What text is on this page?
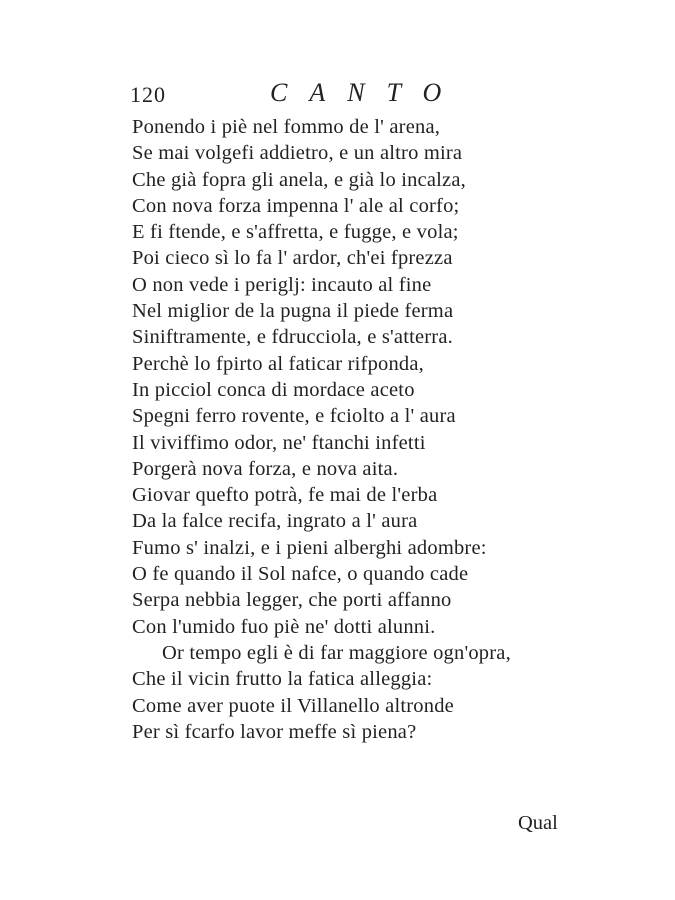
120	CANTO
Ponendo i piè nel fommo de l' arena,
Se mai volgefi addietro, e un altro mira
Che già fopra gli anela, e già lo incalza,
Con nova forza impenna l' ale al corfo;
E fi ftende, e s'affretta, e fugge, e vola;
Poi cieco sì lo fa l' ardor, ch'ei fprezza
O non vede i periglj: incauto al fine
Nel miglior de la pugna il piede ferma
Siniftramente, e fdrucciola, e s'atterra.
Perchè lo fpirto al faticar rifponda,
In picciol conca di mordace aceto
Spegni ferro rovente, e fciolto a l' aura
Il viviffimo odor, ne' ftanchi infetti
Porgerà nova forza, e nova aita.
Giovar quefto potrà, fe mai de l'erba
Da la falce recifa, ingrato a l' aura
Fumo s' inalzi, e i pieni alberghi adombre:
O fe quando il Sol nafce, o quando cade
Serpa nebbia legger, che porti affanno
Con l'umido fuo piè ne' dotti alunni.
Or tempo egli è di far maggiore ogn'opra,
Che il vicin frutto la fatica alleggia:
Come aver puote il Villanello altronde
Per sì fcarfo lavor meffe sì piena?
Qual
